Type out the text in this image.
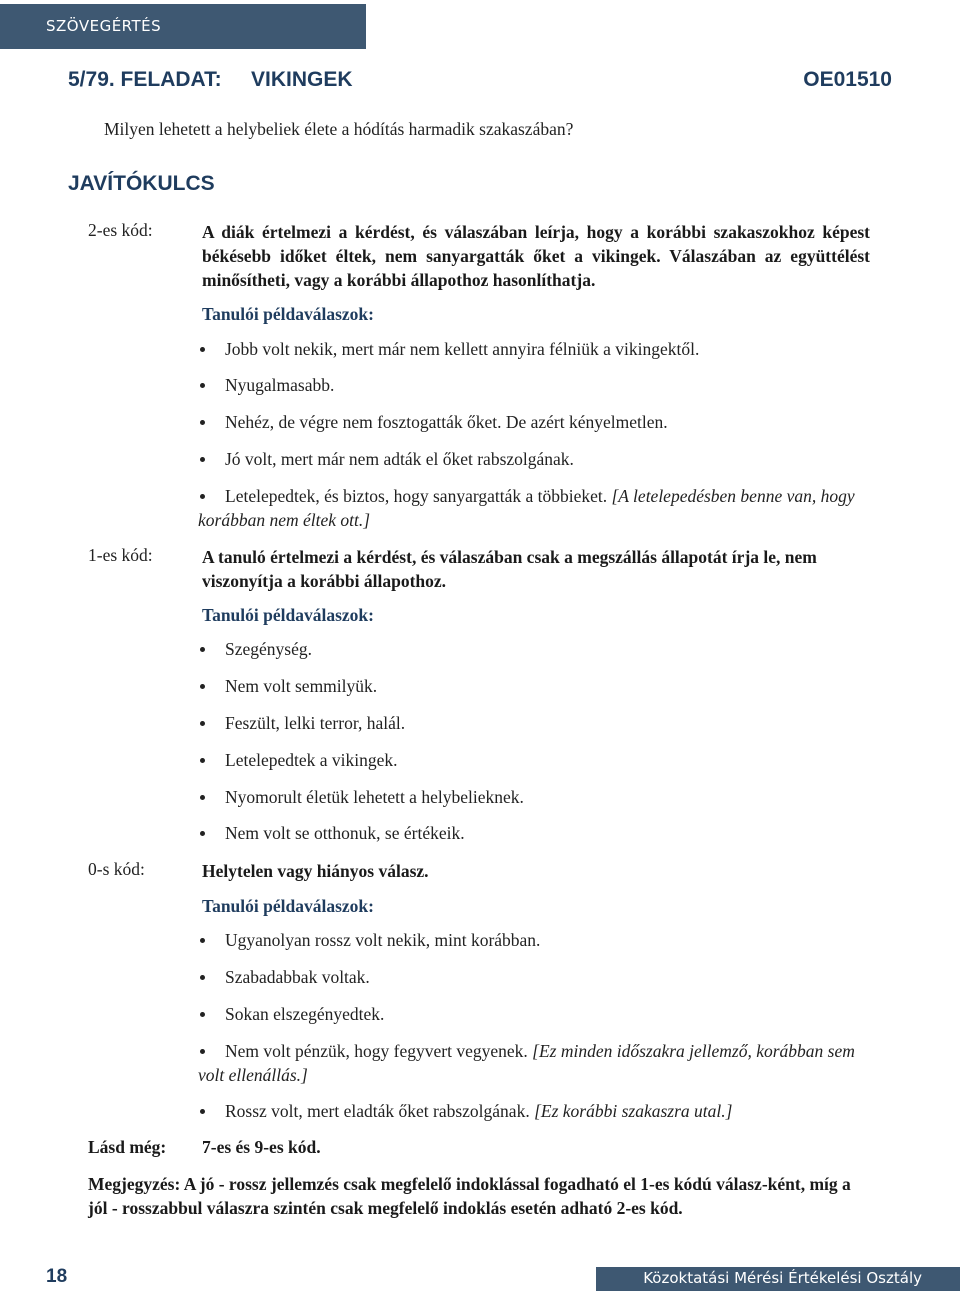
SZÖVEGÉRTÉS
5/79. FELADAT: VIKINGEK	OE01510
Milyen lehetett a helybeliek élete a hódítás harmadik szakaszában?
JAVÍTÓKULCS
2-es kód:	A diák értelmezi a kérdést, és válaszában leírja, hogy a korábbi szakaszokhoz képest békésebb időket éltek, nem sanyargatták őket a vikingek. Válaszában az együttélést minősítheti, vagy a korábbi állapothoz hasonlíthatja.
Tanulói példaválaszok:
Jobb volt nekik, mert már nem kellett annyira félniük a vikingektől.
Nyugalmasabb.
Nehéz, de végre nem fosztogatták őket. De azért kényelmetlen.
Jó volt, mert már nem adták el őket rabszolgának.
Letelepedtek, és biztos, hogy sanyargatták a többieket. [A letelepedésben benne van, hogy korábban nem éltek ott.]
1-es kód:	A tanuló értelmezi a kérdést, és válaszában csak a megszállás állapotát írja le, nem viszonyítja a korábbi állapothoz.
Tanulói példaválaszok:
Szegénység.
Nem volt semmilyük.
Feszült, lelki terror, halál.
Letelepedtek a vikingek.
Nyomorult életük lehetett a helybelieknek.
Nem volt se otthonuk, se értékeik.
0-s kód:	Helytelen vagy hiányos válasz.
Tanulói példaválaszok:
Ugyanolyan rossz volt nekik, mint korábban.
Szabadabbak voltak.
Sokan elszegényedtek.
Nem volt pénzük, hogy fegyvert vegyenek. [Ez minden időszakra jellemző, korábban sem volt ellenállás.]
Rossz volt, mert eladták őket rabszolgának. [Ez korábbi szakaszra utal.]
Lásd még: 7-es és 9-es kód.
Megjegyzés: A jó - rossz jellemzés csak megfelelő indoklással fogadható el 1-es kódú válasz-ként, míg a jól - rosszabbul válaszra szintén csak megfelelő indoklás esetén adható 2-es kód.
18	Közoktatási Mérési Értékelési Osztály
